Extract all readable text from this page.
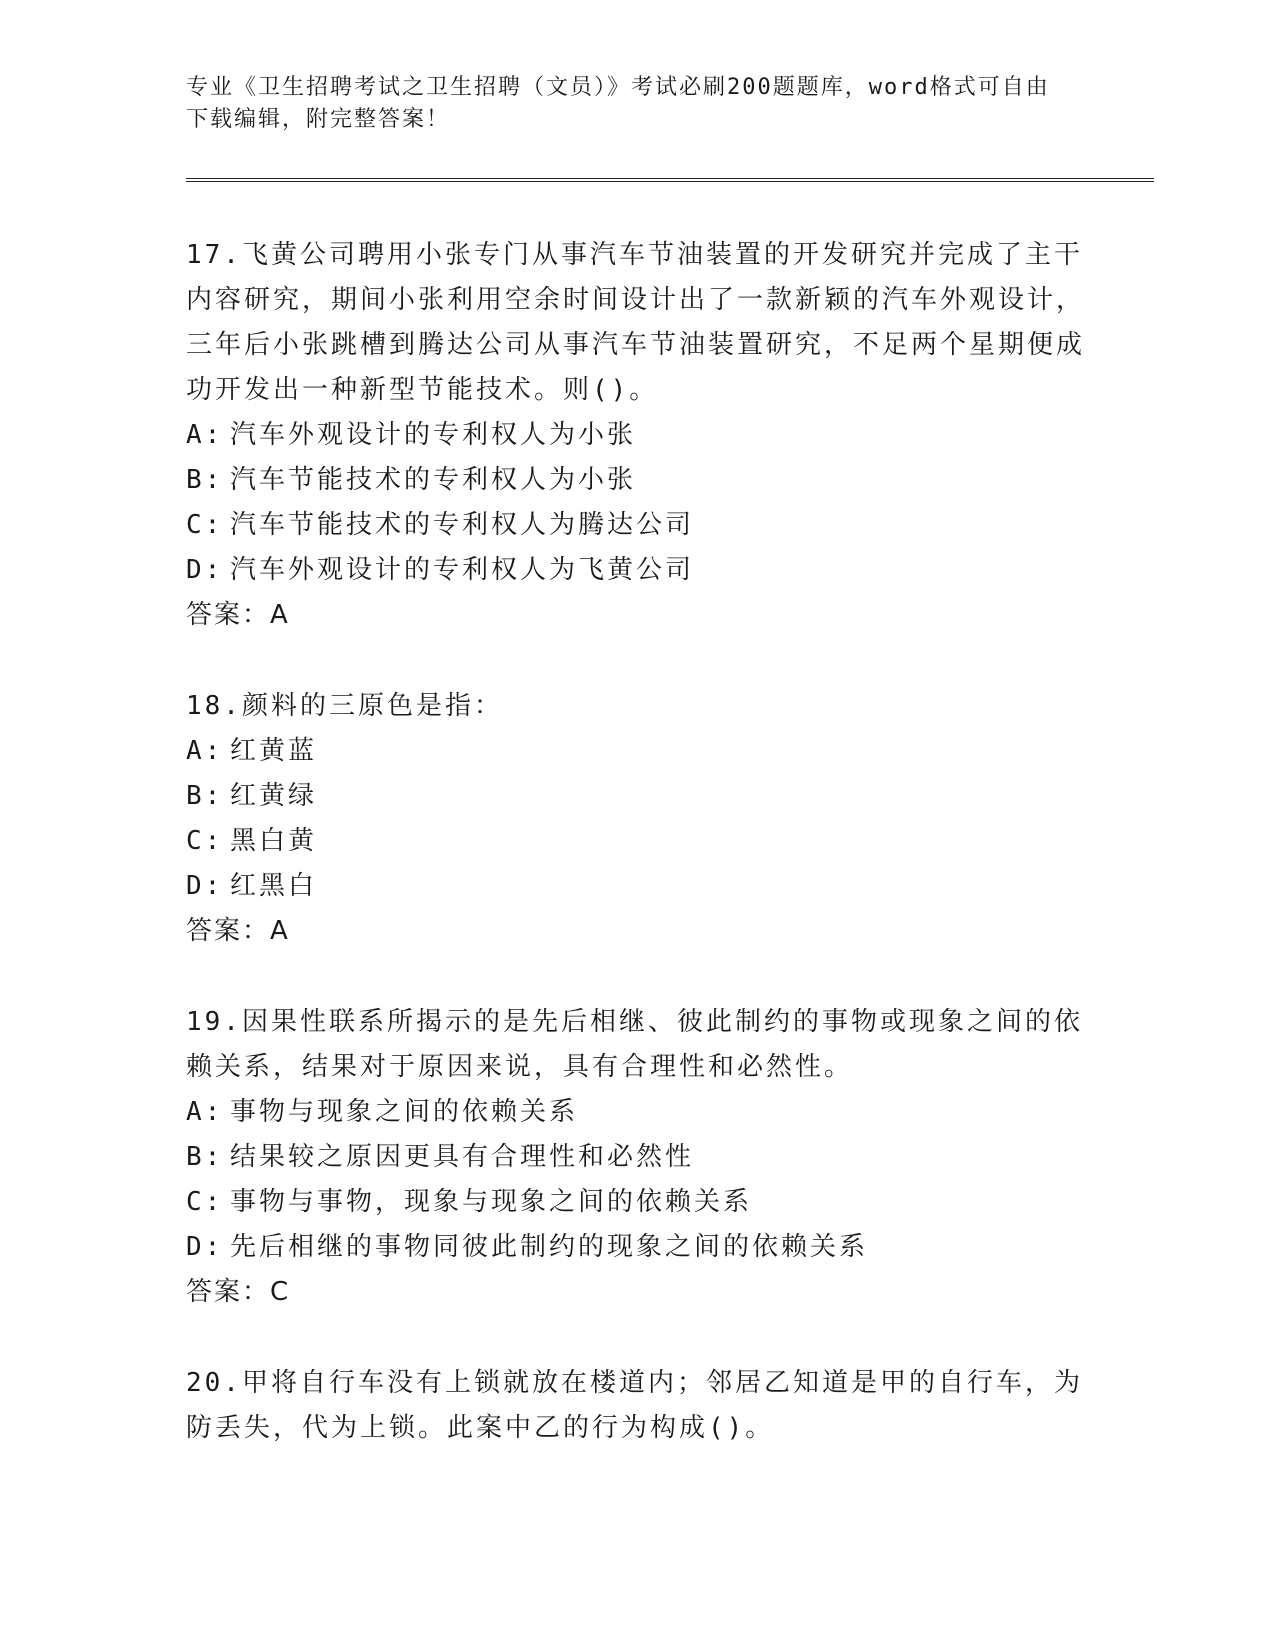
专业《卫生招聘考试之卫生招聘（文员）》考试必刷200题题库，word格式可自由下载编辑，附完整答案！

17.飞黄公司聘用小张专门从事汽车节油装置的开发研究并完成了主干内容研究，期间小张利用空余时间设计出了一款新颖的汽车外观设计，三年后小张跳槽到腾达公司从事汽车节油装置研究，不足两个星期便成功开发出一种新型节能技术。则()。

A: 汽车外观设计的专利权人为小张

B: 汽车节能技术的专利权人为小张

C: 汽车节能技术的专利权人为腾达公司

D: 汽车外观设计的专利权人为飞黄公司

答案：A

18.颜料的三原色是指：

A: 红黄蓝

B: 红黄绿

C: 黑白黄

D: 红黑白

答案：A

19.因果性联系所揭示的是先后相继、彼此制约的事物或现象之间的依赖关系，结果对于原因来说，具有合理性和必然性。

A: 事物与现象之间的依赖关系

B: 结果较之原因更具有合理性和必然性

C: 事物与事物，现象与现象之间的依赖关系

D: 先后相继的事物同彼此制约的现象之间的依赖关系

答案：C

20.甲将自行车没有上锁就放在楼道内；邻居乙知道是甲的自行车，为防丢失，代为上锁。此案中乙的行为构成()。
